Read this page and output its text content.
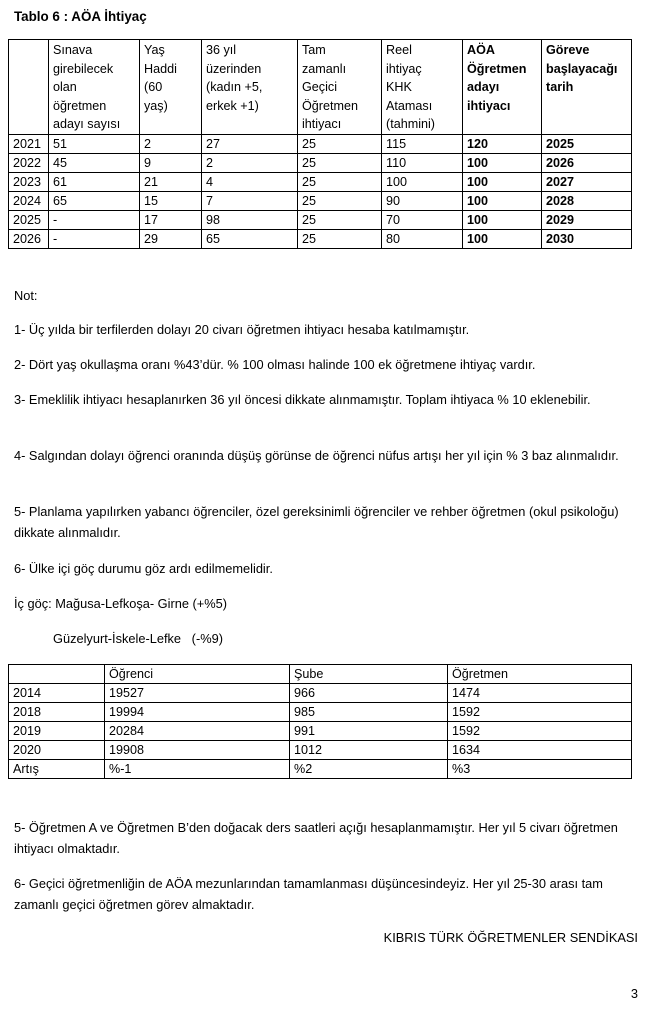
Tablo 6 : AÖA İhtiyaç

	Sınava
girebilecek
olan
öğretmen
adayı sayısı	Yaş
Haddi
(60
yaş)	36 yıl
üzerinden
(kadın +5,
erkek +1)	Tam
zamanlı
Geçici
Öğretmen
ihtiyacı	Reel
ihtiyaç
KHK
Ataması
(tahmini)	AÖA
Öğretmen
adayı
ihtiyacı	Göreve
başlayacağı
tarih

2021	51	2	27	25	115	120	2025
2022	45	9	2	25	110	100	2026
2023	61	21	4	25	100	100	2027
2024	65	15	7	25	90	100	2028
2025	-	17	98	25	70	100	2029
2026	-	29	65	25	80	100	2030
Not:
1- Üç yılda bir terfilerden dolayı 20 civarı öğretmen ihtiyacı hesaba katılmamıştır.
2- Dört yaş okullaşma oranı %43’dür. % 100 olması halinde 100 ek öğretmene ihtiyaç vardır.
3- Emeklilik ihtiyacı hesaplanırken 36 yıl öncesi dikkate alınmamıştır. Toplam ihtiyaca % 10 eklenebilir.
4- Salgından dolayı öğrenci oranında düşüş görünse de öğrenci nüfus artışı her yıl için % 3 baz alınmalıdır.
5- Planlama yapılırken yabancı öğrenciler, özel gereksinimli öğrenciler ve rehber öğretmen (okul psikoloğu) dikkate alınmalıdır.
6- Ülke içi göç durumu göz ardı edilmemelidir.
İç göç: Mağusa-Lefkoşa- Girne (+%5)
Güzelyurt-İskele-Lefke   (-%9)
	Öğrenci	Şube	Öğretmen
2014	19527	966	1474
2018	19994	985	1592
2019	20284	991	1592
2020	19908	1012	1634
Artış	%-1	%2	%3
5- Öğretmen A ve Öğretmen B’den doğacak ders saatleri açığı hesaplanmamıştır. Her yıl 5 civarı öğretmen ihtiyacı olmaktadır.
6- Geçici öğretmenliğin de AÖA mezunlarından tamamlanması düşüncesindeyiz. Her yıl 25-30 arası tam zamanlı geçici öğretmen görev almaktadır.
KIBRIS TÜRK ÖĞRETMENLER SENDİKASI
3
